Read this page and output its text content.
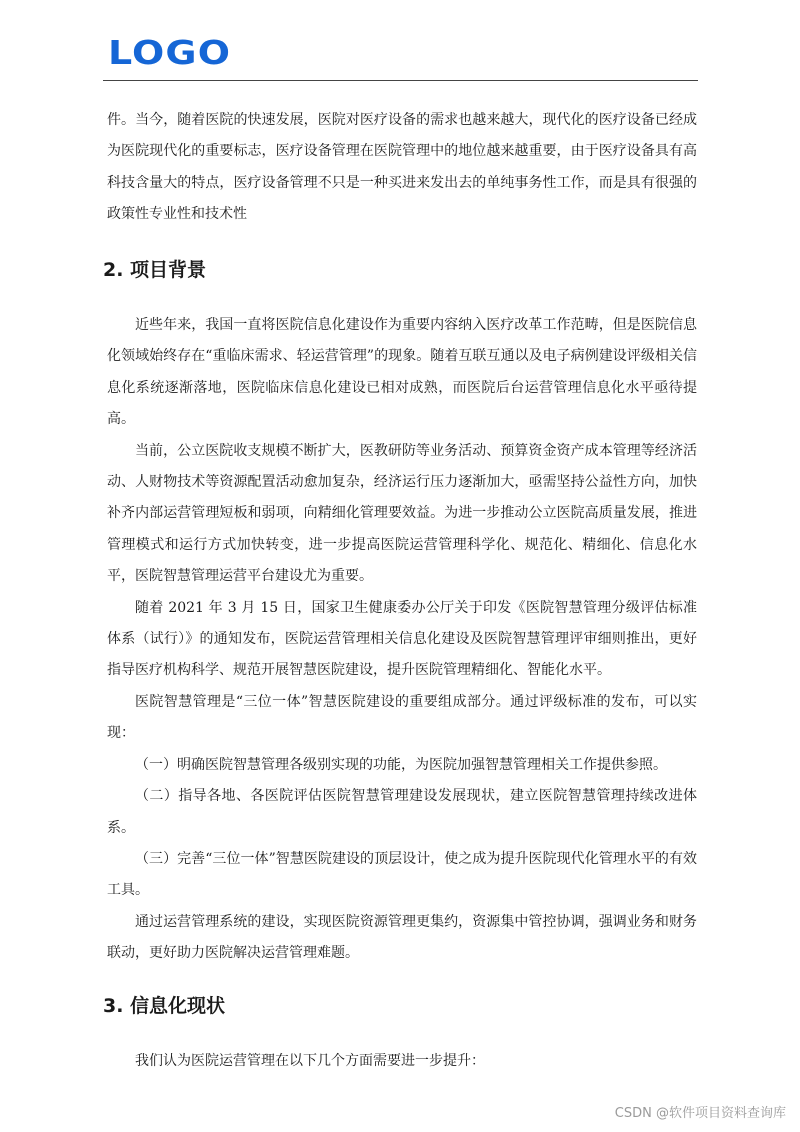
LOGO

件。当今，随着医院的快速发展，医院对医疗设备的需求也越来越大，现代化的医疗设备已经成为医院现代化的重要标志，医疗设备管理在医院管理中的地位越来越重要，由于医疗设备具有高科技含量大的特点，医疗设备管理不只是一种买进来发出去的单纯事务性工作，而是具有很强的政策性专业性和技术性

2. 项目背景

近些年来，我国一直将医院信息化建设作为重要内容纳入医疗改革工作范畴，但是医院信息化领域始终存在“重临床需求、轻运营管理”的现象。随着互联互通以及电子病例建设评级相关信息化系统逐渐落地，医院临床信息化建设已相对成熟，而医院后台运营管理信息化水平亟待提高。

当前，公立医院收支规模不断扩大，医教研防等业务活动、预算资金资产成本管理等经济活动、人财物技术等资源配置活动愈加复杂，经济运行压力逐渐加大，亟需坚持公益性方向，加快补齐内部运营管理短板和弱项，向精细化管理要效益。为进一步推动公立医院高质量发展，推进管理模式和运行方式加快转变，进一步提高医院运营管理科学化、规范化、精细化、信息化水平，医院智慧管理运营平台建设尤为重要。

随着 2021 年 3 月 15 日，国家卫生健康委办公厅关于印发《医院智慧管理分级评估标准体系（试行）》的通知发布，医院运营管理相关信息化建设及医院智慧管理评审细则推出，更好指导医疗机构科学、规范开展智慧医院建设，提升医院管理精细化、智能化水平。

医院智慧管理是“三位一体”智慧医院建设的重要组成部分。通过评级标准的发布，可以实现：

（一）明确医院智慧管理各级别实现的功能，为医院加强智慧管理相关工作提供参照。

（二）指导各地、各医院评估医院智慧管理建设发展现状，建立医院智慧管理持续改进体系。

（三）完善“三位一体”智慧医院建设的顶层设计，使之成为提升医院现代化管理水平的有效工具。

通过运营管理系统的建设，实现医院资源管理更集约，资源集中管控协调，强调业务和财务联动，更好助力医院解决运营管理难题。

3. 信息化现状

我们认为医院运营管理在以下几个方面需要进一步提升：

CSDN @软件项目资料查询库
